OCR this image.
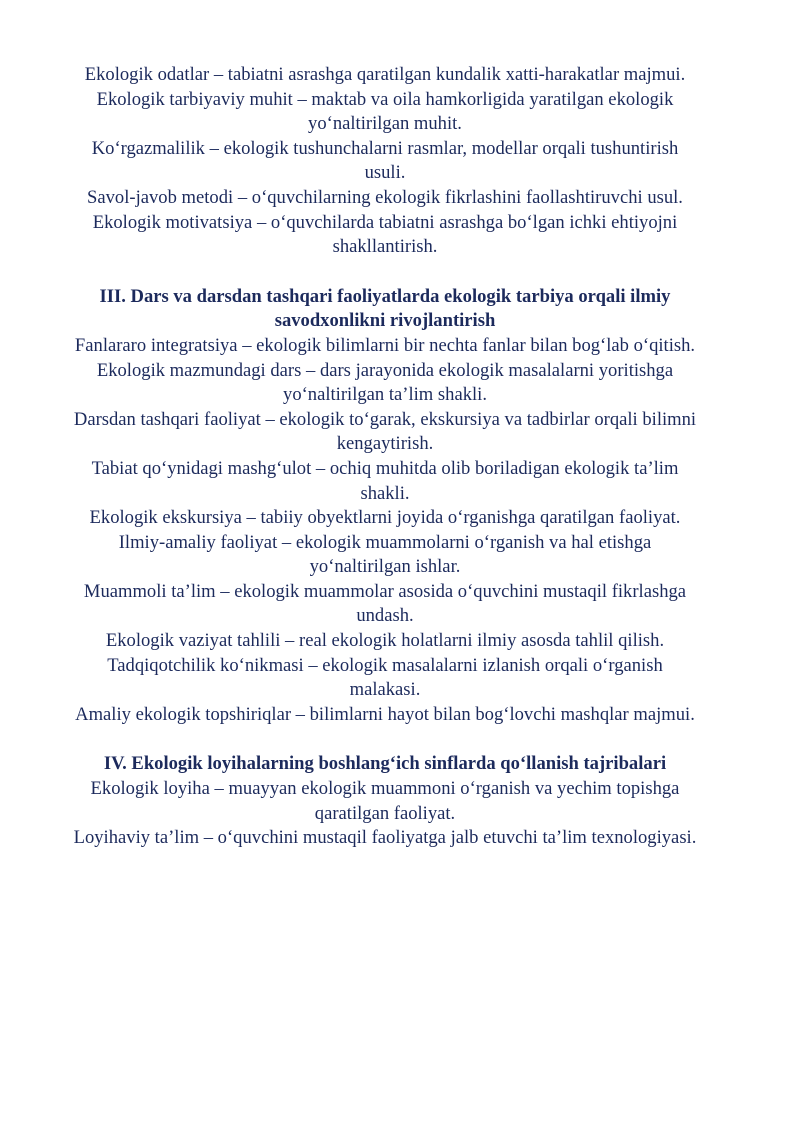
Ekologik odatlar – tabiatni asrashga qaratilgan kundalik xatti-harakatlar majmui.

Ekologik tarbiyaviy muhit – maktab va oila hamkorligida yaratilgan ekologik yo‘naltirilgan muhit.

Ko‘rgazmalilik – ekologik tushunchalarni rasmlar, modellar orqali tushuntirish usuli.

Savol-javob metodi – o‘quvchilarning ekologik fikrlashini faollashtiruvchi usul.

Ekologik motivatsiya – o‘quvchilarda tabiatni asrashga bo‘lgan ichki ehtiyojni shakllantirish.

III. Dars va darsdan tashqari faoliyatlarda ekologik tarbiya orqali ilmiy savodxonlikni rivojlantirish

Fanlararo integratsiya – ekologik bilimlarni bir nechta fanlar bilan bog‘lab o‘qitish.

Ekologik mazmundagi dars – dars jarayonida ekologik masalalarni yoritishga yo‘naltirilgan ta’lim shakli.

Darsdan tashqari faoliyat – ekologik to‘garak, ekskursiya va tadbirlar orqali bilimni kengaytirish.

Tabiat qo‘ynidagi mashg‘ulot – ochiq muhitda olib boriladigan ekologik ta’lim shakli.

Ekologik ekskursiya – tabiiy obyektlarni joyida o‘rganishga qaratilgan faoliyat.

Ilmiy-amaliy faoliyat – ekologik muammolarni o‘rganish va hal etishga yo‘naltirilgan ishlar.

Muammoli ta’lim – ekologik muammolar asosida o‘quvchini mustaqil fikrlashga undash.

Ekologik vaziyat tahlili – real ekologik holatlarni ilmiy asosda tahlil qilish.

Tadqiqotchilik ko‘nikmasi – ekologik masalalarni izlanish orqali o‘rganish malakasi.

Amaliy ekologik topshiriqlar – bilimlarni hayot bilan bog‘lovchi mashqlar majmui.

IV. Ekologik loyihalarning boshlang‘ich sinflarda qo‘llanish tajribalari

Ekologik loyiha – muayyan ekologik muammoni o‘rganish va yechim topishga qaratilgan faoliyat.

Loyihaviy ta’lim – o‘quvchini mustaqil faoliyatga jalb etuvchi ta’lim texnologiyasi.
